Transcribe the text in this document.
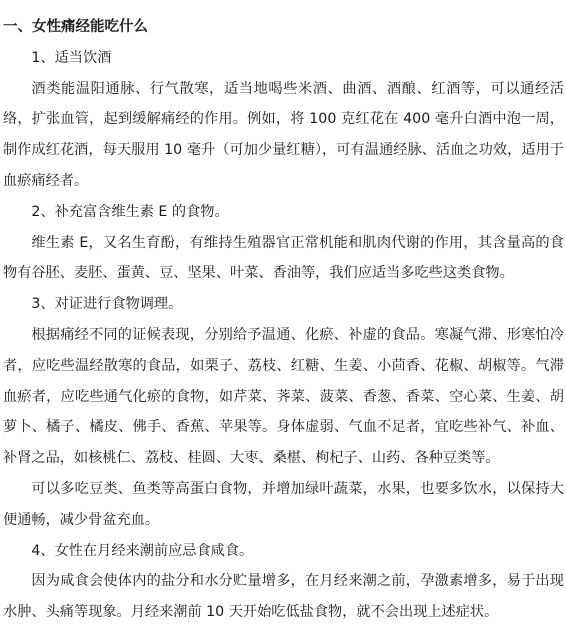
一、女性痛经能吃什么

1、适当饮酒

酒类能温阳通脉、行气散寒，适当地喝些米酒、曲酒、酒酿、红酒等，可以通经活络，扩张血管，起到缓解痛经的作用。例如，将 100 克红花在 400 毫升白酒中泡一周，制作成红花酒，每天服用 10 毫升（可加少量红糖），可有温通经脉、活血之功效，适用于血瘀痛经者。

2、补充富含维生素 E 的食物。

维生素 E，又名生育酚，有维持生殖器官正常机能和肌肉代谢的作用，其含量高的食物有谷胚、麦胚、蛋黄、豆、坚果、叶菜、香油等，我们应适当多吃些这类食物。

3、对证进行食物调理。

根据痛经不同的证候表现，分别给予温通、化瘀、补虚的食品。寒凝气滞、形寒怕冷者，应吃些温经散寒的食品，如栗子、荔枝、红糖、生姜、小茴香、花椒、胡椒等。气滞血瘀者，应吃些通气化瘀的食物，如芹菜、荠菜、菠菜、香葱、香菜、空心菜、生姜、胡萝卜、橘子、橘皮、佛手、香蕉、苹果等。身体虚弱、气血不足者，宜吃些补气、补血、补肾之品，如核桃仁、荔枝、桂圆、大枣、桑椹、枸杞子、山药、各种豆类等。

可以多吃豆类、鱼类等高蛋白食物，并增加绿叶蔬菜，水果，也要多饮水，以保持大便通畅，减少骨盆充血。

4、女性在月经来潮前应忌食咸食。

因为咸食会使体内的盐分和水分贮量增多，在月经来潮之前，孕激素增多，易于出现水肿、头痛等现象。月经来潮前 10 天开始吃低盐食物，就不会出现上述症状。
